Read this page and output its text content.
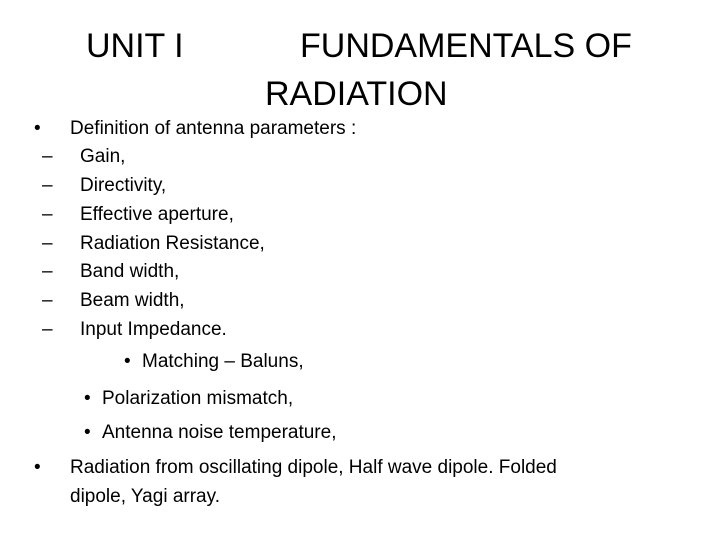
UNIT I	FUNDAMENTALS OF
RADIATION
• Definition of antenna parameters :
– Gain,
– Directivity,
– Effective aperture,
– Radiation Resistance,
– Band width,
– Beam width,
– Input Impedance.
• Matching – Baluns,
• Polarization mismatch,
• Antenna noise temperature,
• Radiation from oscillating dipole, Half wave dipole. Folded
dipole, Yagi array.
